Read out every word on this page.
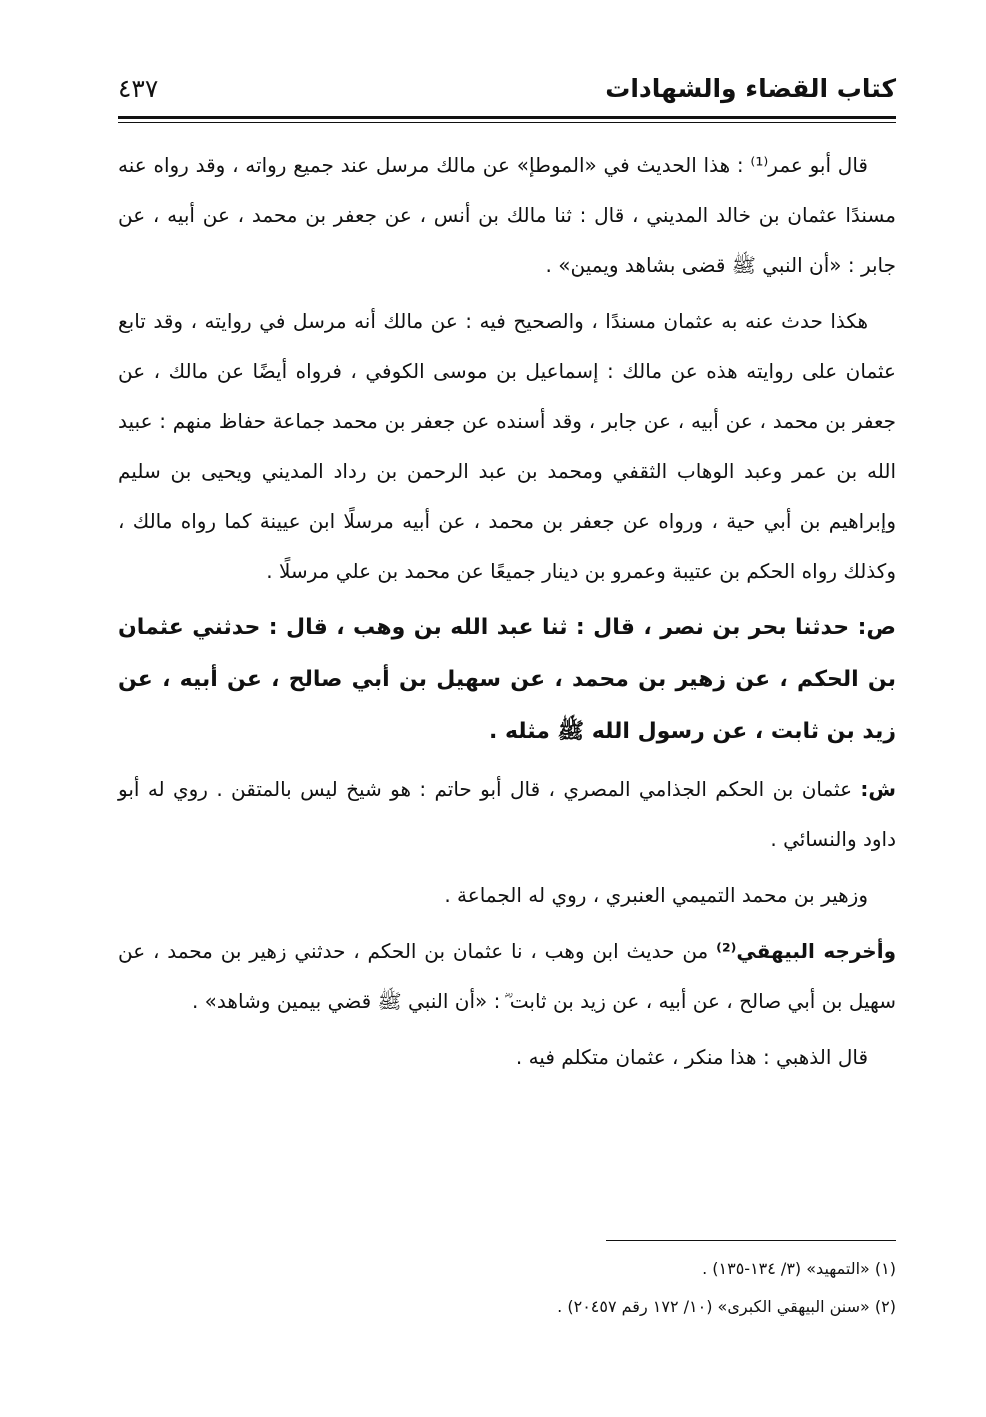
كتاب القضاء والشهادات
٤٣٧

قال أبو عمر⁽¹⁾ : هذا الحديث في «الموطإ» عن مالك مرسل عند جميع رواته ، وقد رواه عنه مسندًا عثمان بن خالد المديني ، قال : ثنا مالك بن أنس ، عن جعفر بن محمد ، عن أبيه ، عن جابر : «أن النبي ﷺ قضى بشاهد ويمين» .

هكذا حدث عنه به عثمان مسندًا ، والصحيح فيه : عن مالك أنه مرسل في روايته ، وقد تابع عثمان على روايته هذه عن مالك : إسماعيل بن موسى الكوفي ، فرواه أيضًا عن مالك ، عن جعفر بن محمد ، عن أبيه ، عن جابر ، وقد أسنده عن جعفر بن محمد جماعة حفاظ منهم : عبيد الله بن عمر وعبد الوهاب الثقفي ومحمد بن عبد الرحمن بن رداد المديني ويحيى بن سليم وإبراهيم بن أبي حية ، ورواه عن جعفر بن محمد ، عن أبيه مرسلًا ابن عيينة كما رواه مالك ، وكذلك رواه الحكم بن عتيبة وعمرو بن دينار جميعًا عن محمد بن علي مرسلًا .

ص: حدثنا بحر بن نصر ، قال : ثنا عبد الله بن وهب ، قال : حدثني عثمان بن الحكم ، عن زهير بن محمد ، عن سهيل بن أبي صالح ، عن أبيه ، عن زيد بن ثابت ، عن رسول الله ﷺ مثله .

ش: عثمان بن الحكم الجذامي المصري ، قال أبو حاتم : هو شيخ ليس بالمتقن . روي له أبو داود والنسائي .

وزهير بن محمد التميمي العنبري ، روي له الجماعة .

وأخرجه البيهقي⁽²⁾ من حديث ابن وهب ، نا عثمان بن الحكم ، حدثني زهير بن محمد ، عن سهيل بن أبي صالح ، عن أبيه ، عن زيد بن ثابت ؓ : «أن النبي ﷺ قضي بيمين وشاهد» .

قال الذهبي : هذا منكر ، عثمان متكلم فيه .

(١) «التمهيد» (٣/ ١٣٤-١٣٥) .

(٢) «سنن البيهقي الكبرى» (١٠/ ١٧٢ رقم ٢٠٤٥٧) .
